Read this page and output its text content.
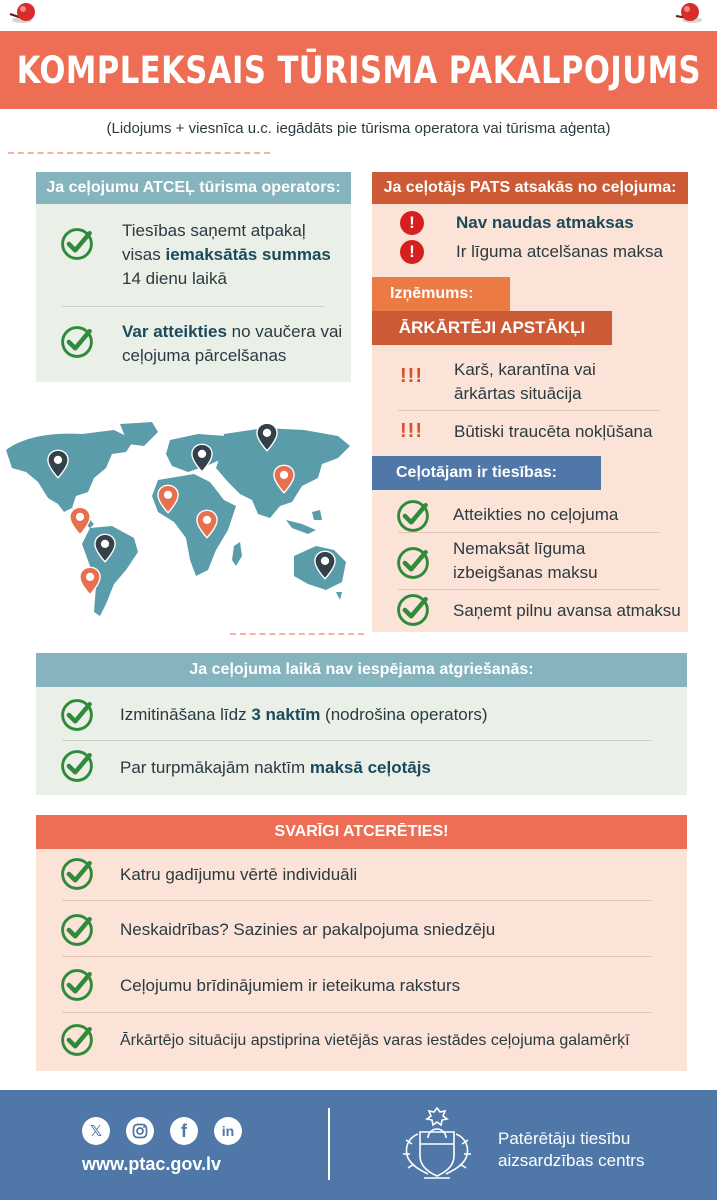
KOMPLEKSAIS TŪRISMA PAKALPOJUMS
(Lidojums + viesnīca u.c. iegādāts pie tūrisma operatora vai tūrisma aģenta)
Ja ceļojumu ATCEĻ tūrisma operators:
Tiesības saņemt atpakaļ visas iemaksātās summas 14 dienu laikā
Var atteikties no vaučera vai ceļojuma pārcelšanas
Ja ceļotājs PATS atsakās no ceļojuma:
!	Nav naudas atmaksas
!	Ir līguma atcelšanas maksa
Izņēmums:
ĀRKĀRTĒJI APSTĀKĻI
!!! Karš, karantīna vai ārkārtas situācija
!!! Būtiski traucēta nokļūšana
Ceļotājam ir tiesības:
Atteikties no ceļojuma
Nemaksāt līguma izbeigšanas maksu
Saņemt pilnu avansa atmaksu
Ja ceļojuma laikā nav iespējama atgriešanās:
Izmitināšana līdz 3 naktīm (nodrošina operators)
Par turpmākajām naktīm maksā ceļotājs
SVARĪGI ATCERĒTIES!
Katru gadījumu vērtē individuāli
Neskaidrības? Sazinies ar pakalpojuma sniedzēju
Ceļojumu brīdinājumiem ir ieteikuma raksturs
Ārkārtējo situāciju apstiprina vietējās varas iestādes ceļojuma galamērķī
𝕏	f	in
www.ptac.gov.lv
Patērētāju tiesību
aizsardzības centrs
